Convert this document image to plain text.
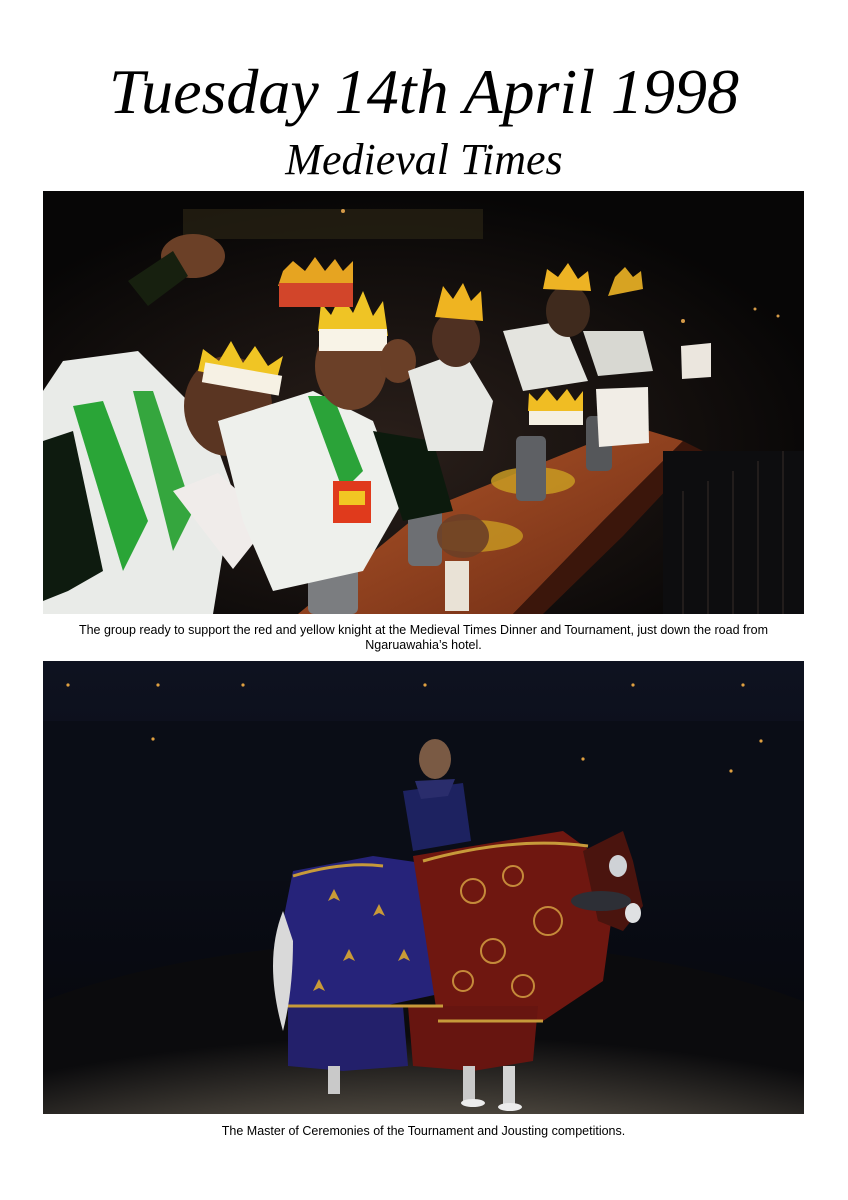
Tuesday 14th April 1998
Medieval Times

The group ready to support the red and yellow knight at the Medieval Times Dinner and Tournament, just down the road from Ngaruawahia’s hotel.

The Master of Ceremonies of the Tournament and Jousting competitions.
